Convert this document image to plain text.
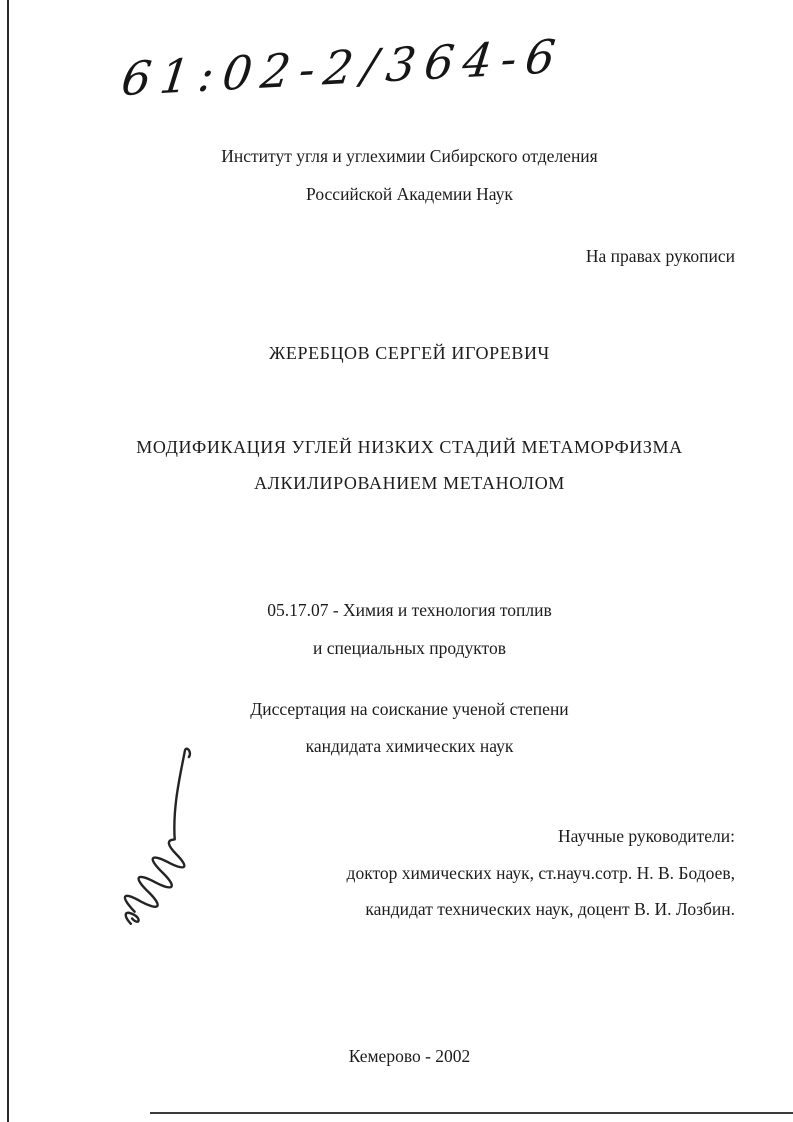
61:02-2/364-6
Институт угля и углехимии Сибирского отделения
Российской Академии Наук
На правах рукописи
ЖЕРЕБЦОВ СЕРГЕЙ ИГОРЕВИЧ
МОДИФИКАЦИЯ УГЛЕЙ НИЗКИХ СТАДИЙ МЕТАМОРФИЗМА
АЛКИЛИРОВАНИЕМ МЕТАНОЛОМ
05.17.07 - Химия и технология топлив
и специальных продуктов
Диссертация на соискание ученой степени
кандидата химических наук
Научные руководители:
доктор химических наук, ст.науч.сотр. Н. В. Бодоев,
кандидат технических наук, доцент В. И. Лозбин.
Кемерово - 2002
